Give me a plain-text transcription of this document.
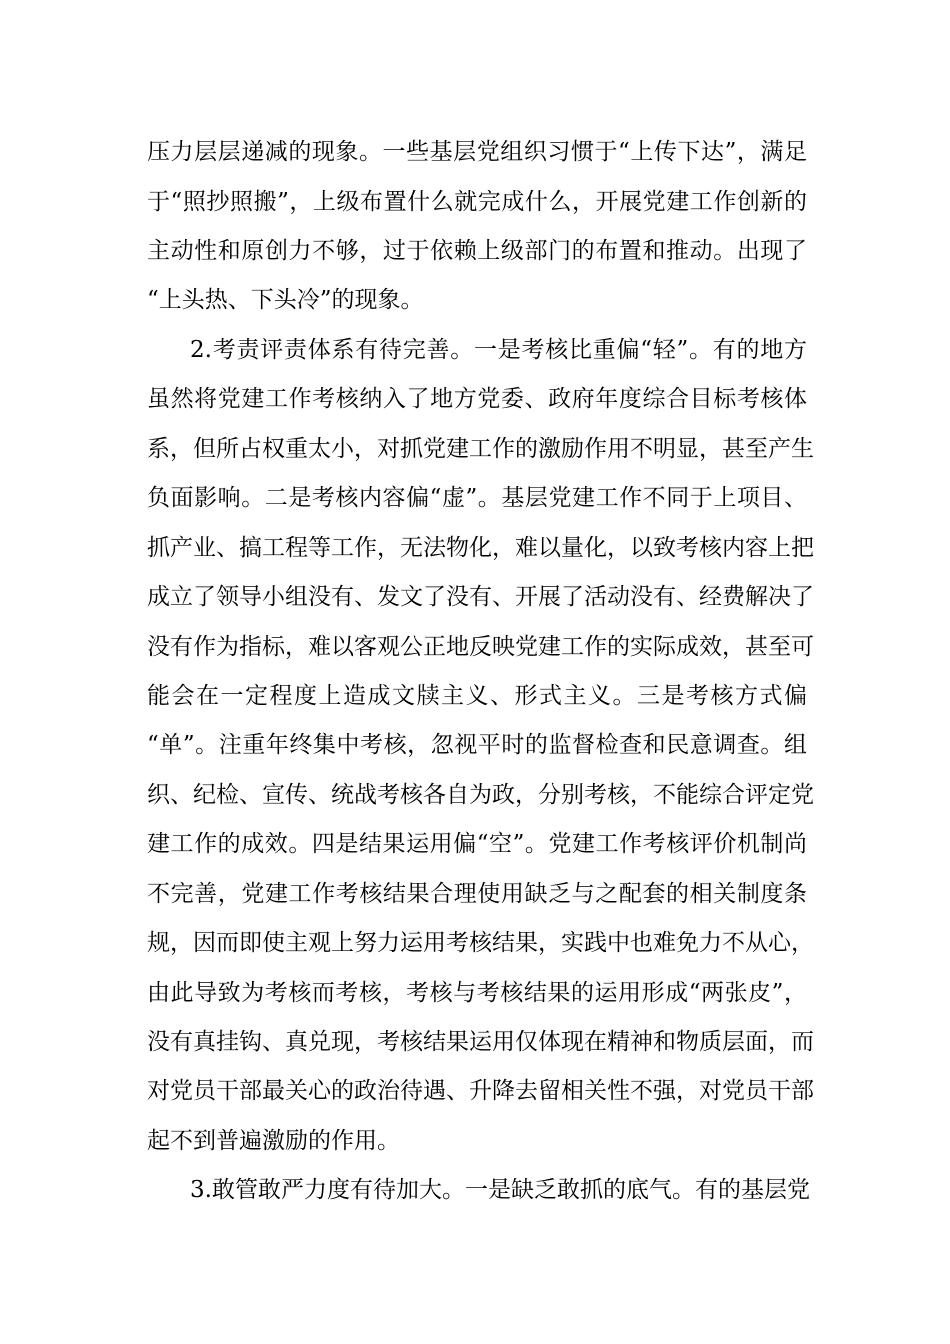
压力层层递减的现象。一些基层党组织习惯于“上传下达”，满足
于“照抄照搬”，上级布置什么就完成什么，开展党建工作创新的
主动性和原创力不够，过于依赖上级部门的布置和推动。出现了
“上头热、下头冷”的现象。
2.考责评责体系有待完善。一是考核比重偏“轻”。有的地方
虽然将党建工作考核纳入了地方党委、政府年度综合目标考核体
系，但所占权重太小，对抓党建工作的激励作用不明显，甚至产生
负面影响。二是考核内容偏“虚”。基层党建工作不同于上项目、
抓产业、搞工程等工作，无法物化，难以量化，以致考核内容上把
成立了领导小组没有、发文了没有、开展了活动没有、经费解决了
没有作为指标，难以客观公正地反映党建工作的实际成效，甚至可
能会在一定程度上造成文牍主义、形式主义。三是考核方式偏
“单”。注重年终集中考核，忽视平时的监督检查和民意调查。组
织、纪检、宣传、统战考核各自为政，分别考核，不能综合评定党
建工作的成效。四是结果运用偏“空”。党建工作考核评价机制尚
不完善，党建工作考核结果合理使用缺乏与之配套的相关制度条
规，因而即使主观上努力运用考核结果，实践中也难免力不从心，
由此导致为考核而考核，考核与考核结果的运用形成“两张皮”，
没有真挂钩、真兑现，考核结果运用仅体现在精神和物质层面，而
对党员干部最关心的政治待遇、升降去留相关性不强，对党员干部
起不到普遍激励的作用。
3.敢管敢严力度有待加大。一是缺乏敢抓的底气。有的基层党
